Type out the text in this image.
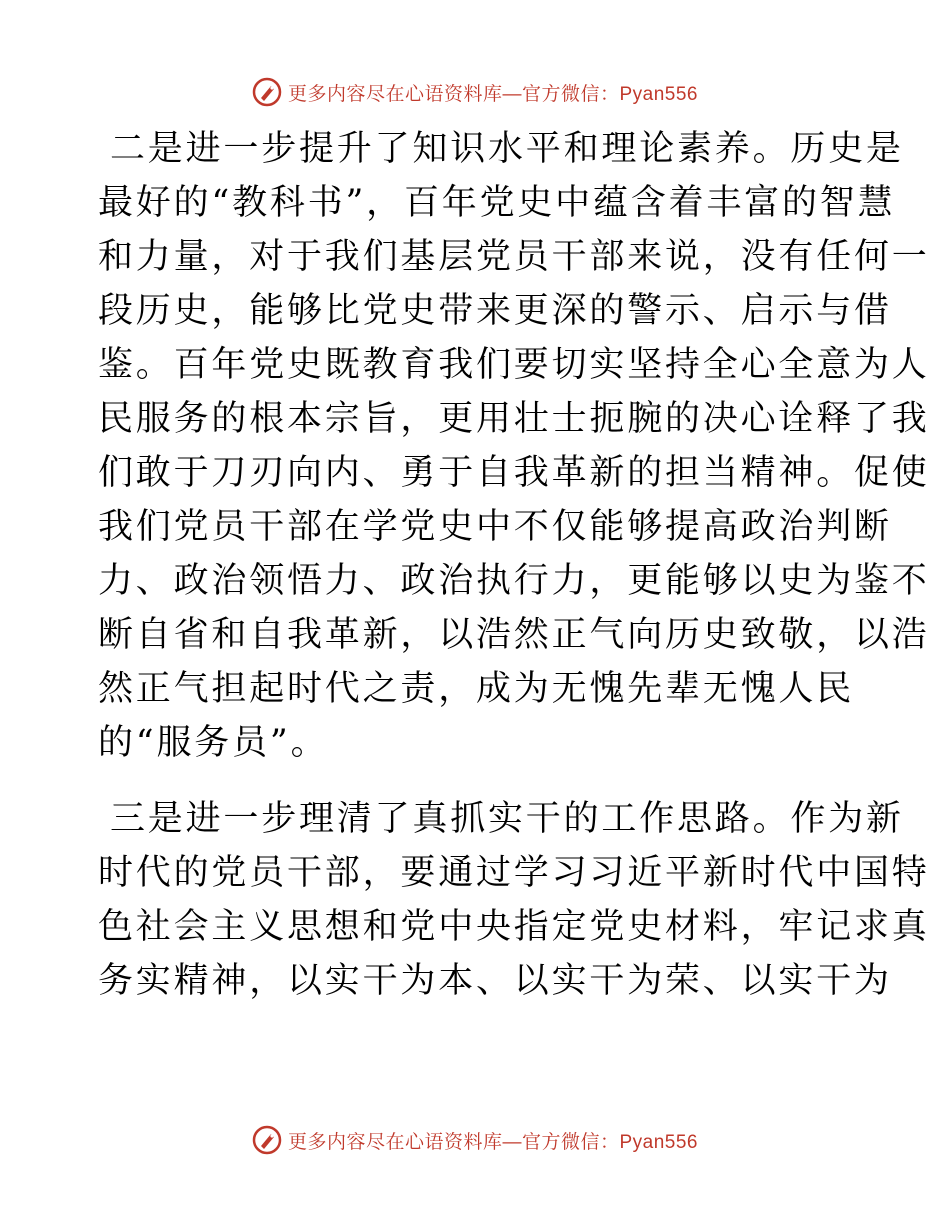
更多内容尽在心语资料库—官方微信：Pyan556
二是进一步提升了知识水平和理论素养。历史是
最好的“教科书”，百年党史中蕴含着丰富的智慧
和力量，对于我们基层党员干部来说，没有任何一
段历史，能够比党史带来更深的警示、启示与借
鉴。百年党史既教育我们要切实坚持全心全意为人
民服务的根本宗旨，更用壮士扼腕的决心诠释了我
们敢于刀刃向内、勇于自我革新的担当精神。促使
我们党员干部在学党史中不仅能够提高政治判断
力、政治领悟力、政治执行力，更能够以史为鉴不
断自省和自我革新，以浩然正气向历史致敬，以浩
然正气担起时代之责，成为无愧先辈无愧人民
的“服务员”。
三是进一步理清了真抓实干的工作思路。作为新
时代的党员干部，要通过学习习近平新时代中国特
色社会主义思想和党中央指定党史材料，牢记求真
务实精神，以实干为本、以实干为荣、以实干为
更多内容尽在心语资料库—官方微信：Pyan556
